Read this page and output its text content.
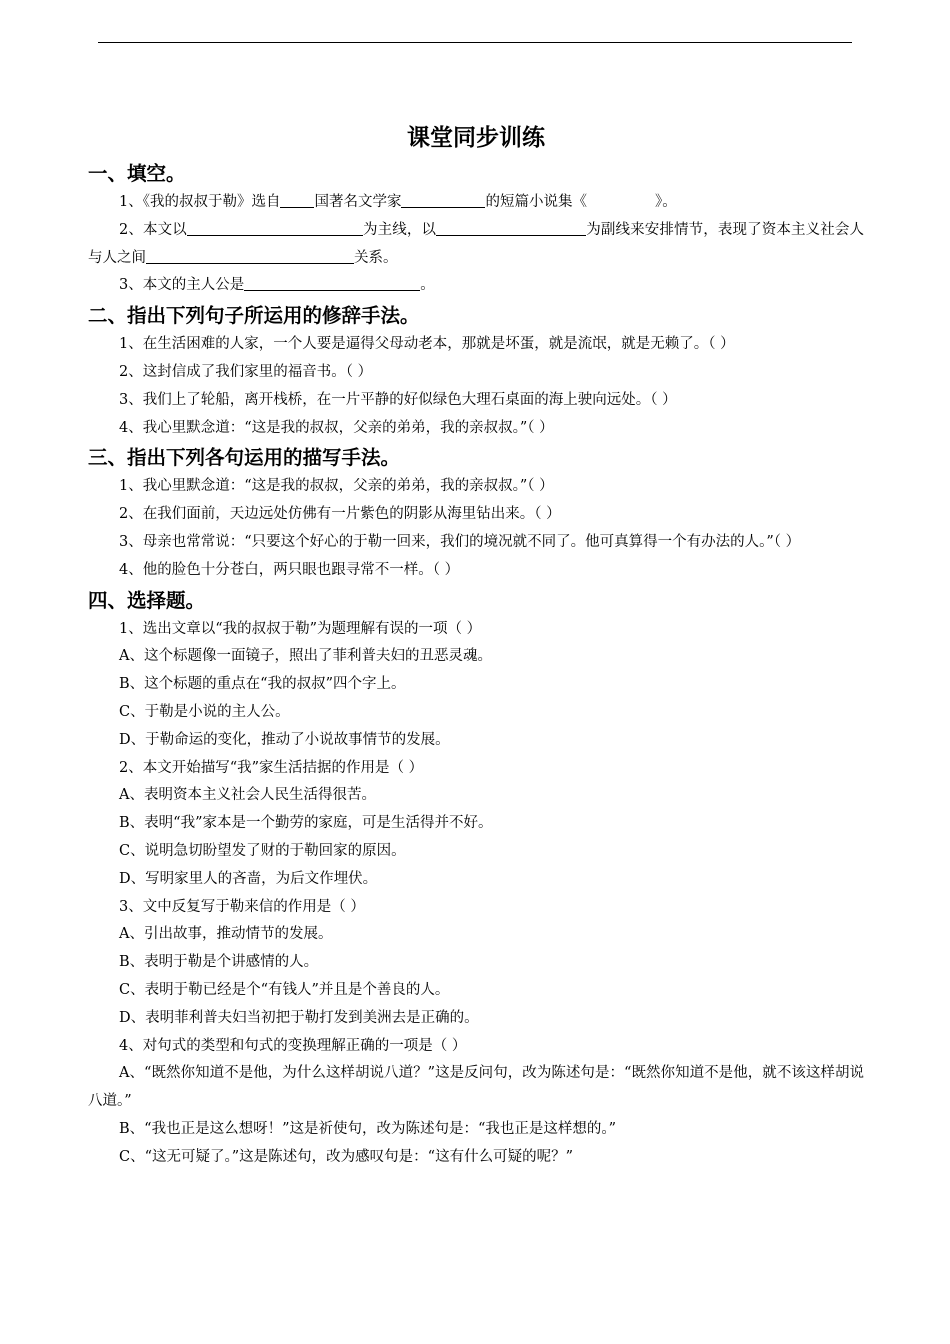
课堂同步训练
一、填空。
1、《我的叔叔于勒》选自 国著名文学家	的短篇小说集《	》。
2、本文以	为主线，以	为副线来安排情节，表现了资本主义社会人与人之间	关系。
3、本文的主人公是	。
二、指出下列句子所运用的修辞手法。
1、在生活困难的人家，一个人要是逼得父母动老本，那就是坏蛋，就是流氓，就是无赖了。（ ）
2、这封信成了我们家里的福音书。（ ）
3、我们上了轮船，离开栈桥，在一片平静的好似绿色大理石桌面的海上驶向远处。（ ）
4、我心里默念道：“这是我的叔叔，父亲的弟弟，我的亲叔叔。”（ ）
三、指出下列各句运用的描写手法。
1、我心里默念道：“这是我的叔叔，父亲的弟弟，我的亲叔叔。”（ ）
2、在我们面前，天边远处仿佛有一片紫色的阴影从海里钻出来。（ ）
3、母亲也常常说：“只要这个好心的于勒一回来，我们的境况就不同了。他可真算得一个有办法的人。”（ ）
4、他的脸色十分苍白，两只眼也跟寻常不一样。（ ）
四、选择题。
1、选出文章以“我的叔叔于勒”为题理解有误的一项（ ）
A、这个标题像一面镜子，照出了菲利普夫妇的丑恶灵魂。
B、这个标题的重点在“我的叔叔”四个字上。
C、于勒是小说的主人公。
D、于勒命运的变化，推动了小说故事情节的发展。
2、本文开始描写“我”家生活拮据的作用是（ ）
A、表明资本主义社会人民生活得很苦。
B、表明“我”家本是一个勤劳的家庭，可是生活得并不好。
C、说明急切盼望发了财的于勒回家的原因。
D、写明家里人的吝啬，为后文作埋伏。
3、文中反复写于勒来信的作用是（ ）
A、引出故事，推动情节的发展。
B、表明于勒是个讲感情的人。
C、表明于勒已经是个“有钱人”并且是个善良的人。
D、表明菲利普夫妇当初把于勒打发到美洲去是正确的。
4、对句式的类型和句式的变换理解正确的一项是（ ）
A、“既然你知道不是他，为什么这样胡说八道？”这是反问句，改为陈述句是：“既然你知道不是他，就不该这样胡说八道。”
B、“我也正是这么想呀！”这是祈使句，改为陈述句是：“我也正是这样想的。”
C、“这无可疑了。”这是陈述句，改为感叹句是：“这有什么可疑的呢？”
